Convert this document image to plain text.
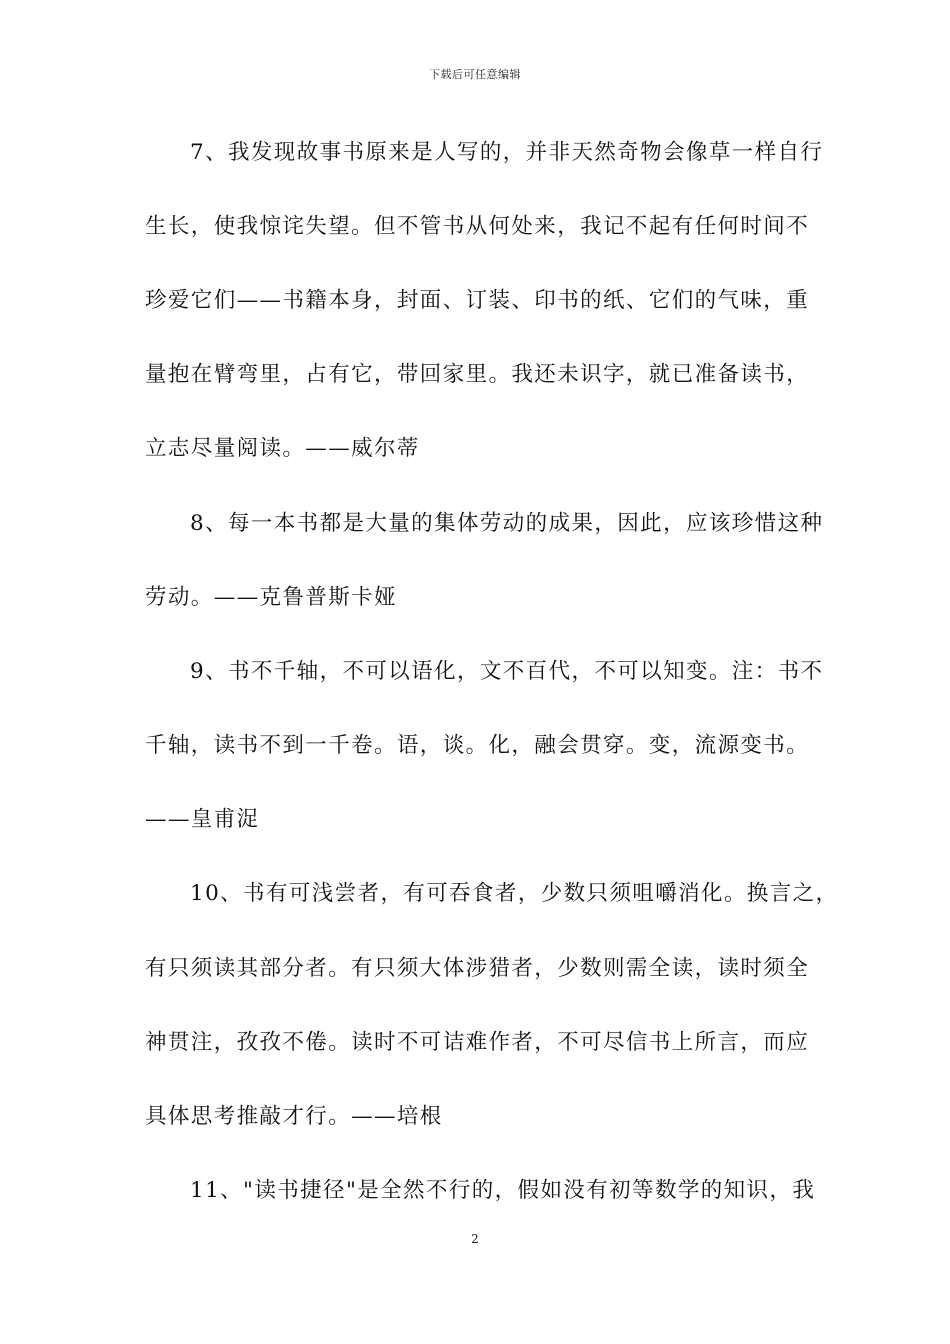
下载后可任意编辑
7、我发现故事书原来是人写的，并非天然奇物会像草一样自行
生长，使我惊诧失望。但不管书从何处来，我记不起有任何时间不
珍爱它们——书籍本身，封面、订装、印书的纸、它们的气味，重
量抱在臂弯里，占有它，带回家里。我还未识字，就已准备读书，
立志尽量阅读。——威尔蒂
8、每一本书都是大量的集体劳动的成果，因此，应该珍惜这种
劳动。——克鲁普斯卡娅
9、书不千轴，不可以语化，文不百代，不可以知变。注：书不
千轴，读书不到一千卷。语，谈。化，融会贯穿。变，流源变书。
——皇甫浞
10、书有可浅尝者，有可吞食者，少数只须咀嚼消化。换言之，
有只须读其部分者。有只须大体涉猎者，少数则需全读，读时须全
神贯注，孜孜不倦。读时不可诘难作者，不可尽信书上所言，而应
具体思考推敲才行。——培根
11、"读书捷径"是全然不行的，假如没有初等数学的知识，我
2
